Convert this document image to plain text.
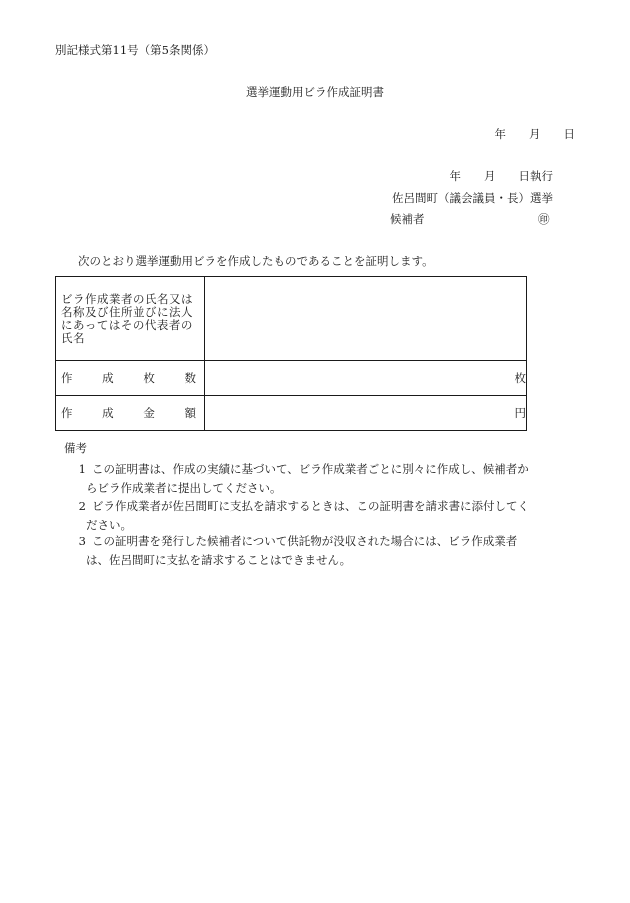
別記様式第11号（第5条関係）
選挙運動用ビラ作成証明書
年　　月　　日
年　　月　　日執行
佐呂間町（議会議員・長）選挙
候補者	㊞
次のとおり選挙運動用ビラを作成したものであることを証明します。
ビラ作成業者の氏名又は名称及び住所並びに法人にあってはその代表者の氏名	

作 成 枚 数	枚

作 成 金 額	円
備考
1 この証明書は、作成の実績に基づいて、ビラ作成業者ごとに別々に作成し、候補者か
らビラ作成業者に提出してください。
2 ビラ作成業者が佐呂間町に支払を請求するときは、この証明書を請求書に添付してく
ださい。
3 この証明書を発行した候補者について供託物が没収された場合には、ビラ作成業者
は、佐呂間町に支払を請求することはできません。
